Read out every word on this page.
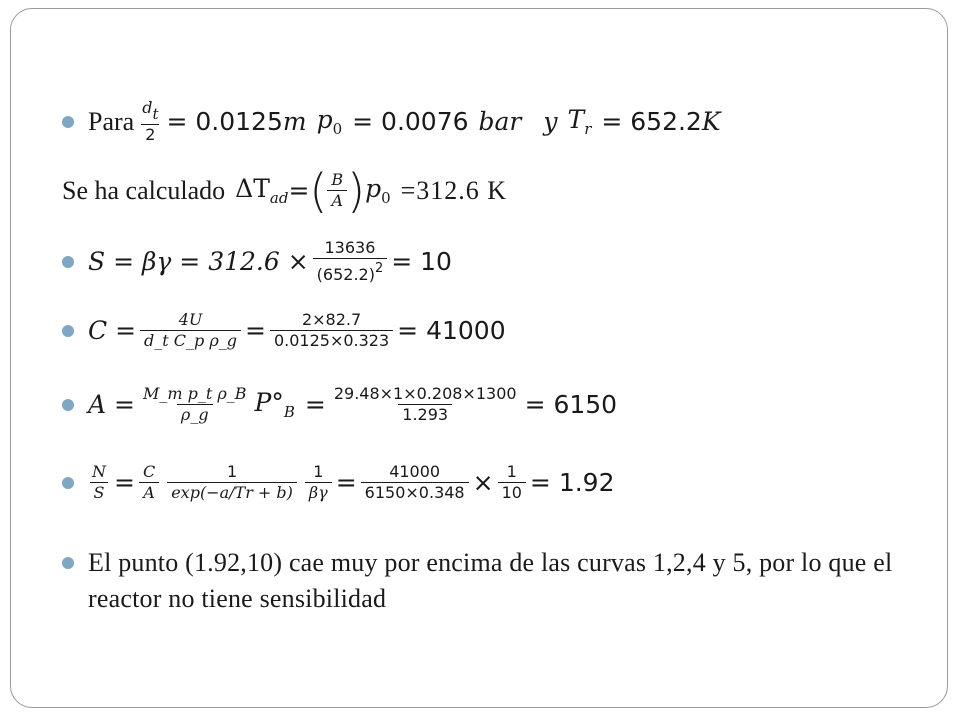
Para $\frac{dt}{2} = 0.0125$ m $p_0 = 0.0076$ bar y $T_r = 652.2$ K
Se ha calculado $\Delta T_{ad}$ = ( $\frac{B}{A}$ ) $p_0 =312.6$ K
$S = \beta\gamma = 312.6 \times \frac{13636}{(652.2)^2} = 10$
$C = \frac{4U}{\text{d\_t C\_p ρ\_g}} = \frac{2\times 82.7}{0.0125\times 0.323} = 41000$
$A = \frac{\text{M\_m p\_t ρ\_B}}{\rho\_g} P^\circ_B = \frac{29.48\times 1\times 0.208\times 1300}{1.293} = 6150$
$\frac{N}{S} = \frac{C}{A} \frac{1}{\exp(-a/Tr + b)} \frac{1}{\beta\gamma} = \frac{41000}{6150\times 0.348} \times \frac{1}{10} = 1.92$
El punto (1.92,10) cae muy por encima de las curvas 1,2,4 y 5, por lo que el reactor no tiene sensibilidad
